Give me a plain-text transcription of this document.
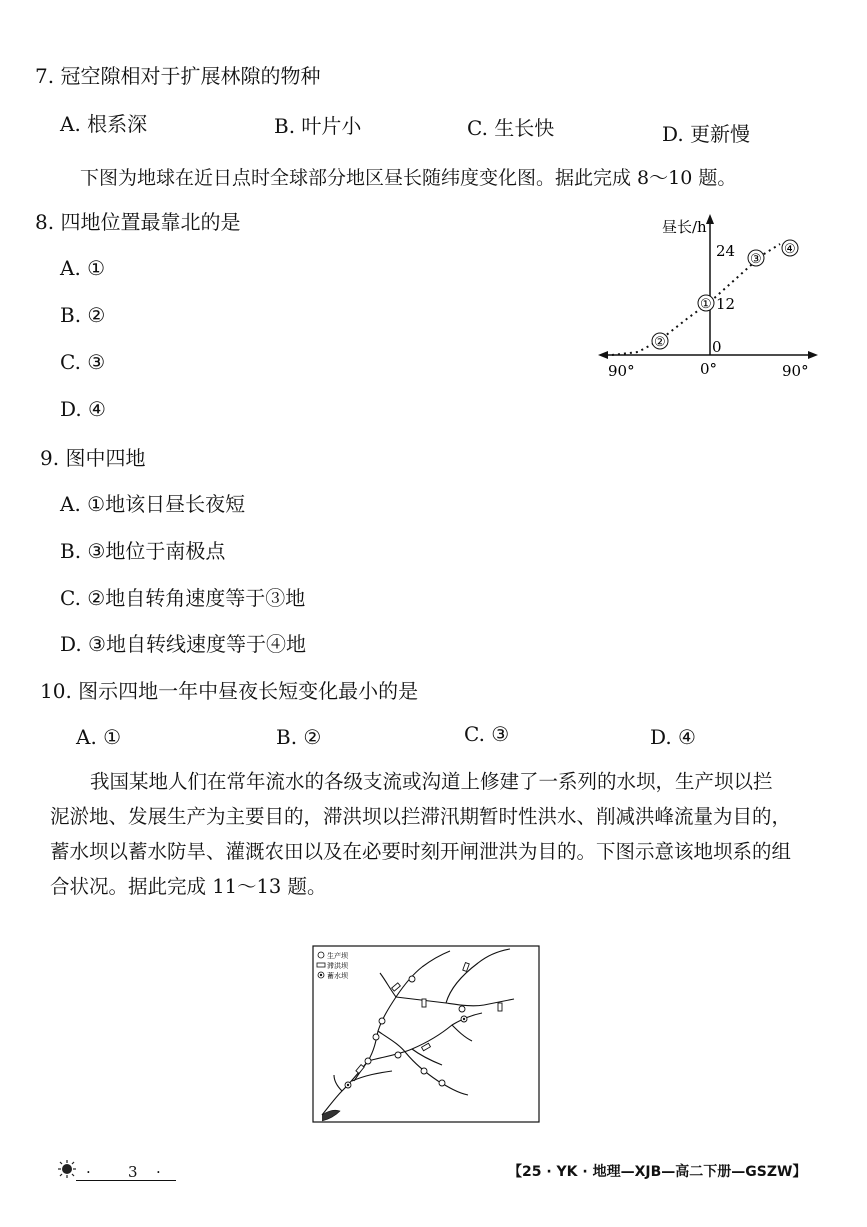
7. 冠空隙相对于扩展林隙的物种
A. 根系深	B. 叶片小	C. 生长快	D. 更新慢
下图为地球在近日点时全球部分地区昼长随纬度变化图。据此完成 8～10 题。
8. 四地位置最靠北的是
A. ①
B. ②
C. ③
D. ④
①
②
③
④
昼长/h
24
12
0
90°	0°	90°
9. 图中四地
A. ①地该日昼长夜短
B. ③地位于南极点
C. ②地自转角速度等于③地
D. ③地自转线速度等于④地
10. 图示四地一年中昼夜长短变化最小的是
A. ①	B. ②	C. ③	D. ④
我国某地人们在常年流水的各级支流或沟道上修建了一系列的水坝，生产坝以拦
泥淤地、发展生产为主要目的，滞洪坝以拦滞汛期暂时性洪水、削减洪峰流量为目的，
蓄水坝以蓄水防旱、灌溉农田以及在必要时刻开闸泄洪为目的。下图示意该地坝系的组
合状况。据此完成 11～13 题。
生产坝
滞洪坝
蓄水坝
· 3 ·	【25 · YK · 地理—XJB—高二下册—GSZW】
